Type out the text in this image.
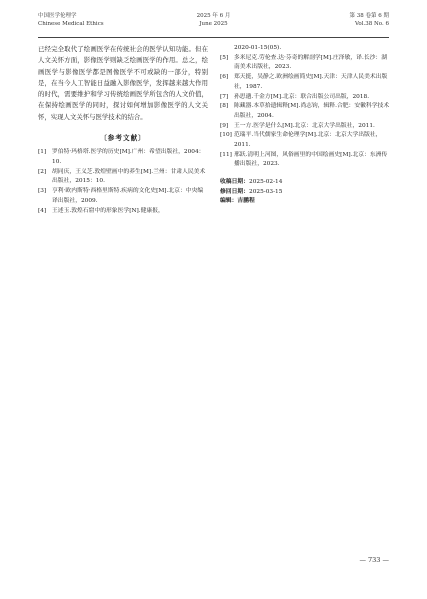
中国医学伦理学
Chinese Medical Ethics
2025 年 6 月
June 2025
第 38 卷第 6 期
Vol.38 No. 6

已经完全取代了绘画医学在传统社会的医学认知功能。但在人文关怀方面，影像医学则缺乏绘画医学的作用。总之，绘画医学与影像医学都是图像医学不可或缺的一部分，特别是，在当今人工智能日益融入影像医学，发挥越来越大作用的时代，需要维护和学习传统绘画医学所包含的人文价值，在保持绘画医学的同时，探讨如何增加影像医学的人文关怀，实现人文关怀与医学技术的结合。

〔参考文献〕
[1] 罗伯特·玛格塔.医学的历史[M].广州：希望出版社，2004：10.
[2] 胡同庆，王义芝.敦煌壁画中的养生[M].兰州：甘肃人民美术出版社，2015：10.
[3] 亨利·欧内斯特·西格里斯特.疾病的文化史[M].北京：中央编译出版社，2009.
[4] 王述玉.敦煌石窟中的形象医学[N].健康报，

2020-01-15(05).

[5] 多米尼克.劳伦查.达·芬奇的解剖学[M].庄泽敏，译.长沙：湖南美术出版社，2023.
[6] 郑天挺，吴静之.欧洲绘画简史[M].天津：天津人民美术出版社，1987.
[7] 孙思邈.千金方[M].北京：联合出版公司出版，2018.
[8] 陈藏器.本草拾遗辑释[M].尚志钧，辑释.合肥：安徽科学技术出版社，2004.
[9] 王一方.医学是什么[M].北京：北京大学出版社，2011.
[10] 范瑞平.当代儒家生命伦理学[M].北京：北京大学出版社，2011.
[11] 邢跃.清明上河图，风俗画里的中国绘画史[M].北京：东洲传播出版社，2023.
收稿日期：2025-02-14
修回日期：2025-03-15
编辑：吉鹏程
— 733 —
